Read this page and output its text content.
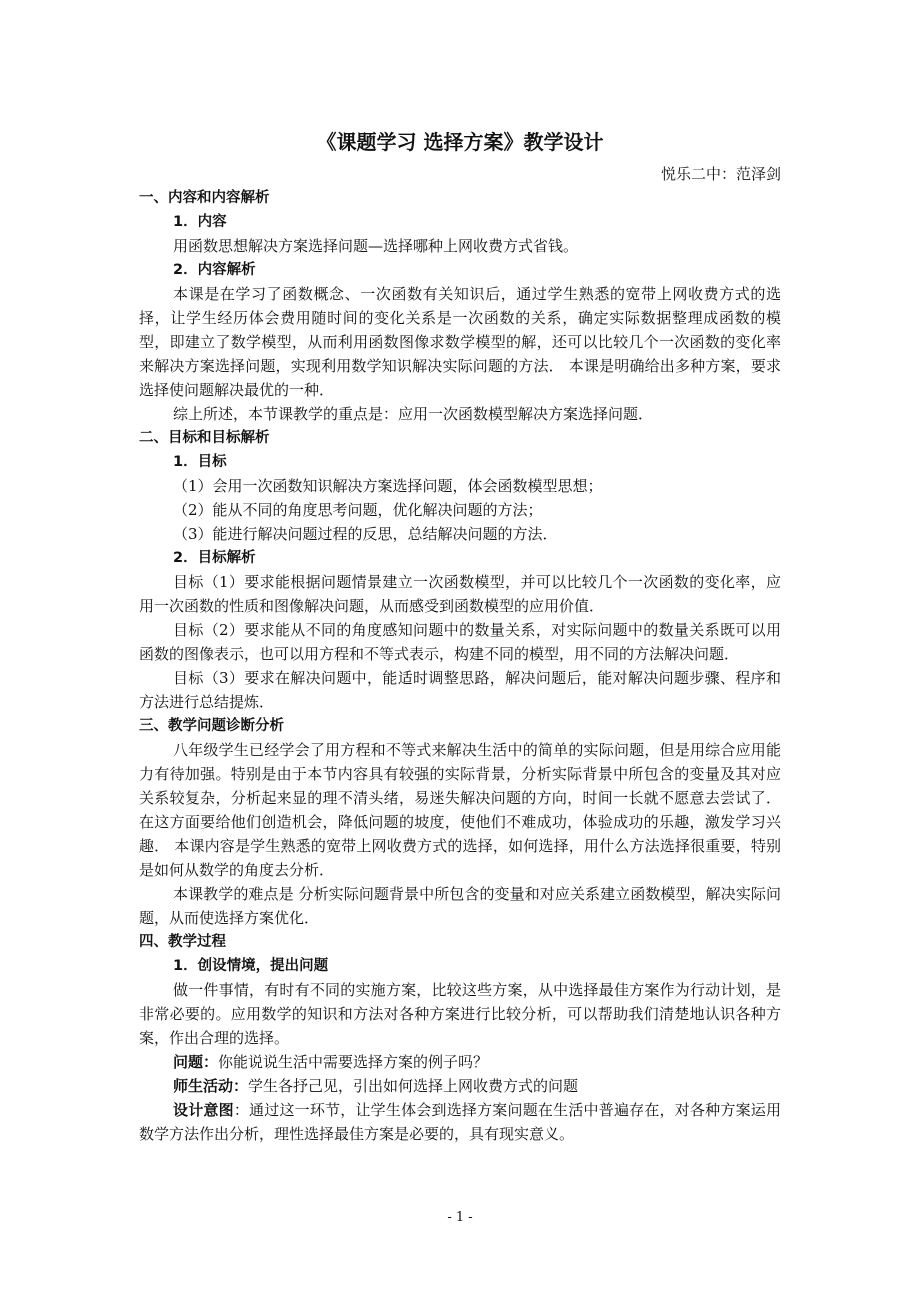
《课题学习 选择方案》教学设计

悦乐二中：范泽剑

一、内容和内容解析

1．内容

用函数思想解决方案选择问题—选择哪种上网收费方式省钱。

2．内容解析

本课是在学习了函数概念、一次函数有关知识后，通过学生熟悉的宽带上网收费方式的选择，让学生经历体会费用随时间的变化关系是一次函数的关系，确定实际数据整理成函数的模型，即建立了数学模型，从而利用函数图像求数学模型的解，还可以比较几个一次函数的变化率来解决方案选择问题，实现利用数学知识解决实际问题的方法． 本课是明确给出多种方案，要求选择使问题解决最优的一种．

综上所述，本节课教学的重点是：应用一次函数模型解决方案选择问题．

二、目标和目标解析

1．目标

（1）会用一次函数知识解决方案选择问题，体会函数模型思想；

（2）能从不同的角度思考问题，优化解决问题的方法；

（3）能进行解决问题过程的反思，总结解决问题的方法．

2．目标解析

目标（1）要求能根据问题情景建立一次函数模型，并可以比较几个一次函数的变化率，应用一次函数的性质和图像解决问题，从而感受到函数模型的应用价值．

目标（2）要求能从不同的角度感知问题中的数量关系，对实际问题中的数量关系既可以用函数的图像表示，也可以用方程和不等式表示，构建不同的模型，用不同的方法解决问题．

目标（3）要求在解决问题中，能适时调整思路，解决问题后，能对解决问题步骤、程序和方法进行总结提炼．

三、教学问题诊断分析

八年级学生已经学会了用方程和不等式来解决生活中的简单的实际问题，但是用综合应用能力有待加强。特别是由于本节内容具有较强的实际背景，分析实际背景中所包含的变量及其对应关系较复杂，分析起来显的理不清头绪，易迷失解决问题的方向，时间一长就不愿意去尝试了．在这方面要给他们创造机会，降低问题的坡度，使他们不难成功，体验成功的乐趣，激发学习兴趣． 本课内容是学生熟悉的宽带上网收费方式的选择，如何选择，用什么方法选择很重要，特别是如何从数学的角度去分析．

本课教学的难点是 分析实际问题背景中所包含的变量和对应关系建立函数模型，解决实际问题，从而使选择方案优化．

四、教学过程

1．创设情境，提出问题

做一件事情，有时有不同的实施方案，比较这些方案，从中选择最佳方案作为行动计划，是非常必要的。应用数学的知识和方法对各种方案进行比较分析，可以帮助我们清楚地认识各种方案，作出合理的选择。

问题：你能说说生活中需要选择方案的例子吗？

师生活动：学生各抒己见，引出如何选择上网收费方式的问题

设计意图：通过这一环节，让学生体会到选择方案问题在生活中普遍存在，对各种方案运用数学方法作出分析，理性选择最佳方案是必要的，具有现实意义。

- 1 -
